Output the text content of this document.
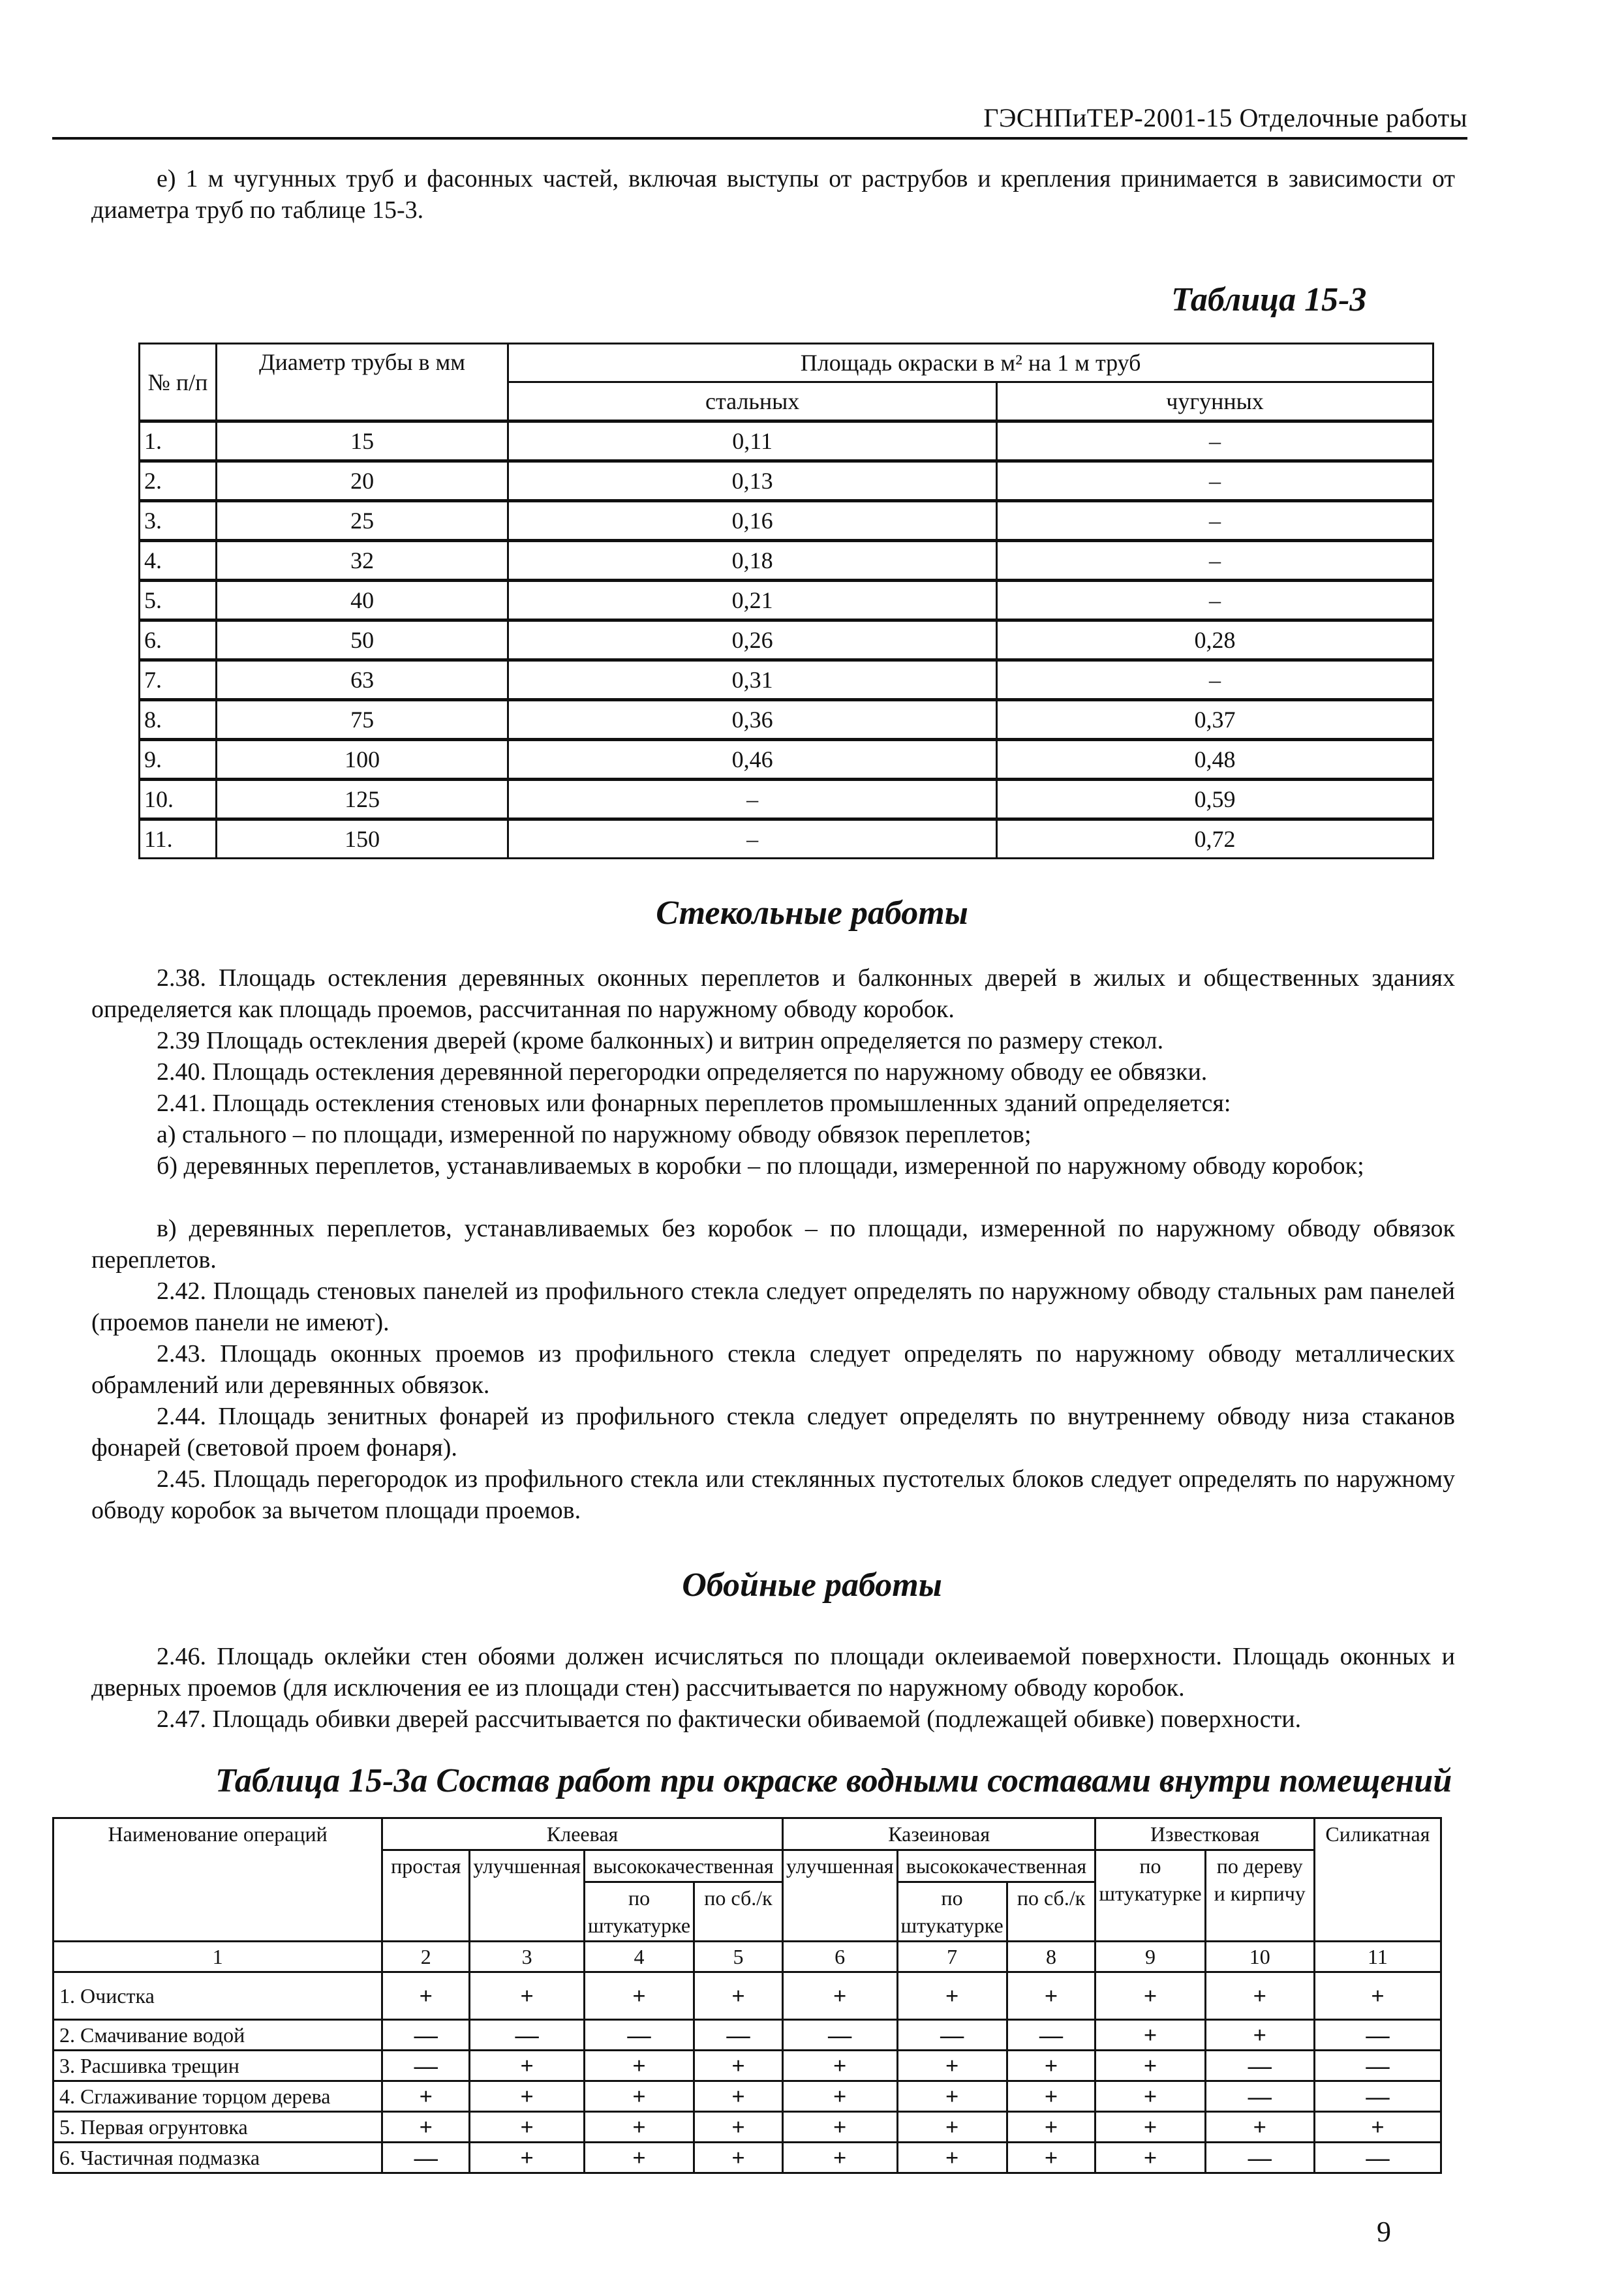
ГЭСНПиТЕР-2001-15 Отделочные работы
е) 1 м чугунных труб и фасонных частей, включая выступы от раструбов и крепления принимается в зависимости от диаметра труб по таблице 15-3.
Таблица 15-3
№ п/п	Диаметр трубы в мм	Площадь окраски в м² на 1 м труб	
		стальных	чугунных
1.	15	0,11	–
2.	20	0,13	–
3.	25	0,16	–
4.	32	0,18	–
5.	40	0,21	–
6.	50	0,26	0,28
7.	63	0,31	–
8.	75	0,36	0,37
9.	100	0,46	0,48
10.	125	–	0,59
11.	150	–	0,72
Стекольные работы
2.38. Площадь остекления деревянных оконных переплетов и балконных дверей в жилых и общественных зданиях определяется как площадь проемов, рассчитанная по наружному обводу коробок.
2.39 Площадь остекления дверей (кроме балконных) и витрин определяется по размеру стекол.
2.40. Площадь остекления деревянной перегородки определяется по наружному обводу ее обвязки.
2.41. Площадь остекления стеновых или фонарных переплетов промышленных зданий определяется:
а) стального – по площади, измеренной по наружному обводу обвязок переплетов;
б) деревянных переплетов, устанавливаемых в коробки – по площади, измеренной по наружному обводу коробок;
в) деревянных переплетов, устанавливаемых без коробок – по площади, измеренной по наружному обводу обвязок переплетов.
2.42. Площадь стеновых панелей из профильного стекла следует определять по наружному обводу стальных рам панелей (проемов панели не имеют).
2.43. Площадь оконных проемов из профильного стекла следует определять по наружному обводу металлических обрамлений или деревянных обвязок.
2.44. Площадь зенитных фонарей из профильного стекла следует определять по внутреннему обводу низа стаканов фонарей (световой проем фонаря).
2.45. Площадь перегородок из профильного стекла или стеклянных пустотелых блоков следует определять по наружному обводу коробок за вычетом площади проемов.
Обойные работы
2.46. Площадь оклейки стен обоями должен исчисляться по площади оклеиваемой поверхности. Площадь оконных и дверных проемов (для исключения ее из площади стен) рассчитывается по наружному обводу коробок.
2.47. Площадь обивки дверей рассчитывается по фактически обиваемой (подлежащей обивке) поверхности.
Таблица 15-3а Состав работ при окраске водными составами внутри помещений
Наименование операций	Клеевая				Казеиновая			Известковая		Силикатная
	простая	улучшенная	высококачественная		улучшенная	высококачественная		по штукатурке	по дереву и кирпичу	
			по штукатурке	по сб./к		по штукатурке	по сб./к			
1	2	3	4	5	6	7	8	9	10	11
1. Очистка	+	+	+	+	+	+	+	+	+	+
2. Смачивание водой	—	—	—	—	—	—	—	+	+	—
3. Расшивка трещин	—	+	+	+	+	+	+	+	—	—
4. Сглаживание торцом дерева	+	+	+	+	+	+	+	+	—	—
5. Первая огрунтовка	+	+	+	+	+	+	+	+	+	+
6. Частичная подмазка	—	+	+	+	+	+	+	+	—	—
9
